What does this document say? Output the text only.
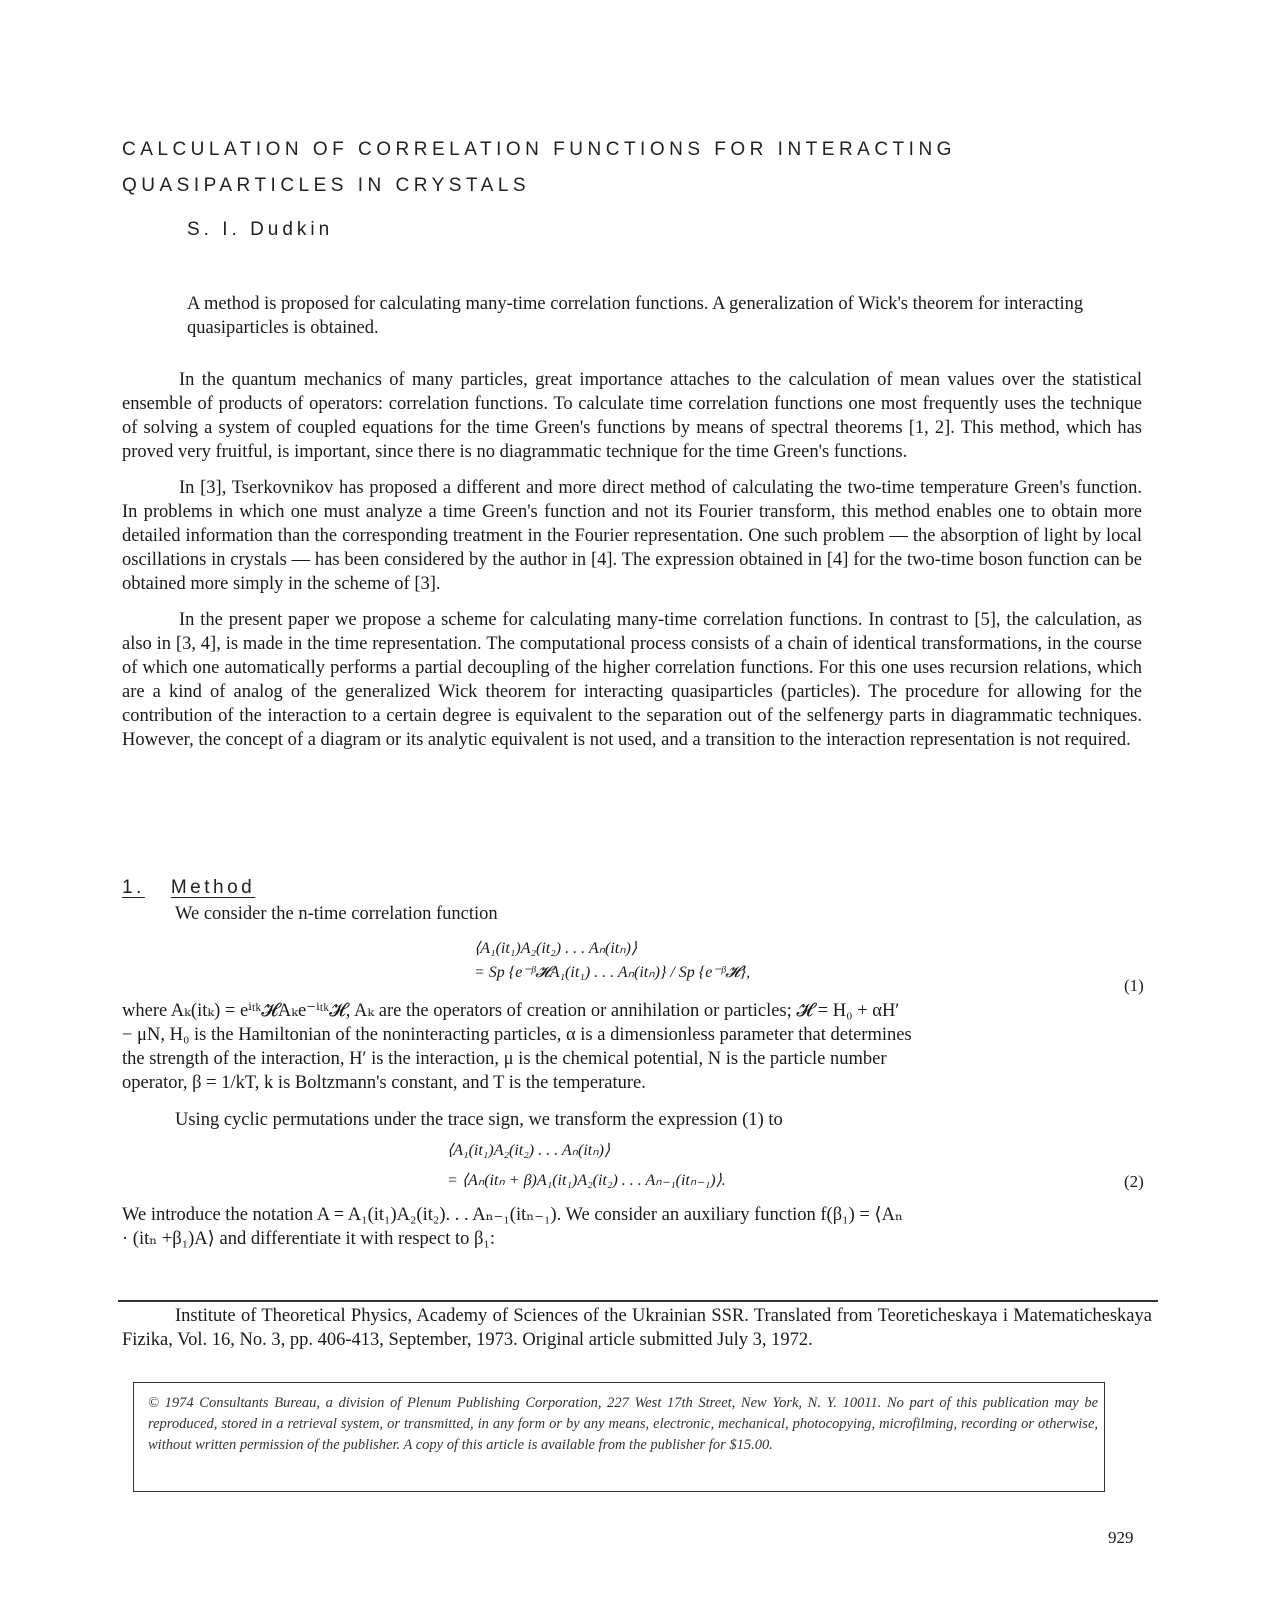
CALCULATION OF CORRELATION FUNCTIONS FOR INTERACTING
QUASIPARTICLES IN CRYSTALS
S. I. Dudkin
A method is proposed for calculating many-time correlation functions. A generalization of Wick's theorem for interacting quasiparticles is obtained.

In the quantum mechanics of many particles, great importance attaches to the calculation of mean values over the statistical ensemble of products of operators: correlation functions. To calculate time correlation functions one most frequently uses the technique of solving a system of coupled equations for the time Green's functions by means of spectral theorems [1, 2]. This method, which has proved very fruitful, is important, since there is no diagrammatic technique for the time Green's functions.

In [3], Tserkovnikov has proposed a different and more direct method of calculating the two-time temperature Green's function. In problems in which one must analyze a time Green's function and not its Fourier transform, this method enables one to obtain more detailed information than the corresponding treatment in the Fourier representation. One such problem — the absorption of light by local oscillations in crystals — has been considered by the author in [4]. The expression obtained in [4] for the two-time boson function can be obtained more simply in the scheme of [3].

In the present paper we propose a scheme for calculating many-time correlation functions. In contrast to [5], the calculation, as also in [3, 4], is made in the time representation. The computational process consists of a chain of identical transformations, in the course of which one automatically performs a partial decoupling of the higher correlation functions. For this one uses recursion relations, which are a kind of analog of the generalized Wick theorem for interacting quasiparticles (particles). The procedure for allowing for the contribution of the interaction to a certain degree is equivalent to the separation out of the selfenergy parts in diagrammatic techniques. However, the concept of a diagram or its analytic equivalent is not used, and a transition to the interaction representation is not required.

1. Method
We consider the n-time correlation function
⟨A₁(it₁)A₂(it₂) . . . Aₙ(itₙ)⟩
= Sp {e⁻ᵝ𝓗A₁(it₁) . . . Aₙ(itₙ)} / Sp {e⁻ᵝ𝓗},
(1)
where Aₖ(itₖ) = eⁱᵗᵏ𝓗Aₖe⁻ⁱᵗᵏ𝓗, Aₖ are the operators of creation or annihilation or particles; 𝓗 = H₀ + αH′
− μN, H₀ is the Hamiltonian of the noninteracting particles, α is a dimensionless parameter that determines
the strength of the interaction, H′ is the interaction, μ is the chemical potential, N is the particle number
operator, β = 1/kT, k is Boltzmann's constant, and T is the temperature.
Using cyclic permutations under the trace sign, we transform the expression (1) to
⟨A₁(it₁)A₂(it₂) . . . Aₙ(itₙ)⟩
= ⟨Aₙ(itₙ + β)A₁(it₁)A₂(it₂) . . . Aₙ₋₁(itₙ₋₁)⟩.	(2)
We introduce the notation A = A₁(it₁)A₂(it₂). . . Aₙ₋₁(itₙ₋₁). We consider an auxiliary function f(β₁) = ⟨Aₙ
· (itₙ +β₁)A⟩ and differentiate it with respect to β₁:

Institute of Theoretical Physics, Academy of Sciences of the Ukrainian SSR. Translated from Teoreticheskaya i Matematicheskaya Fizika, Vol. 16, No. 3, pp. 406-413, September, 1973. Original article submitted July 3, 1972.

© 1974 Consultants Bureau, a division of Plenum Publishing Corporation, 227 West 17th Street, New York, N. Y. 10011. No part of this publication may be reproduced, stored in a retrieval system, or transmitted, in any form or by any means, electronic, mechanical, photocopying, microfilming, recording or otherwise, without written permission of the publisher. A copy of this article is available from the publisher for $15.00.
929
